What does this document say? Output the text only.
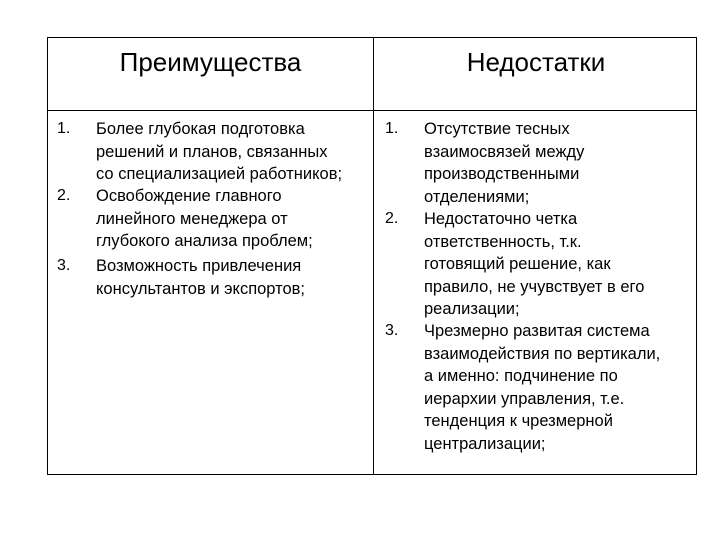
Преимущества	Недостатки
1. Более глубокая подготовка
решений и планов, связанных
со специализацией работников;
2. Освобождение главного
линейного менеджера от
глубокого анализа проблем;
3. Возможность привлечения
консультантов и экспортов;
1. Отсутствие тесных
взаимосвязей между
производственными
отделениями;
2. Недостаточно четка
ответственность, т.к.
готовящий решение, как
правило, не учувствует в его
реализации;
3. Чрезмерно развитая система
взаимодействия по вертикали,
а именно: подчинение по
иерархии управления, т.е.
тенденция к чрезмерной
централизации;
